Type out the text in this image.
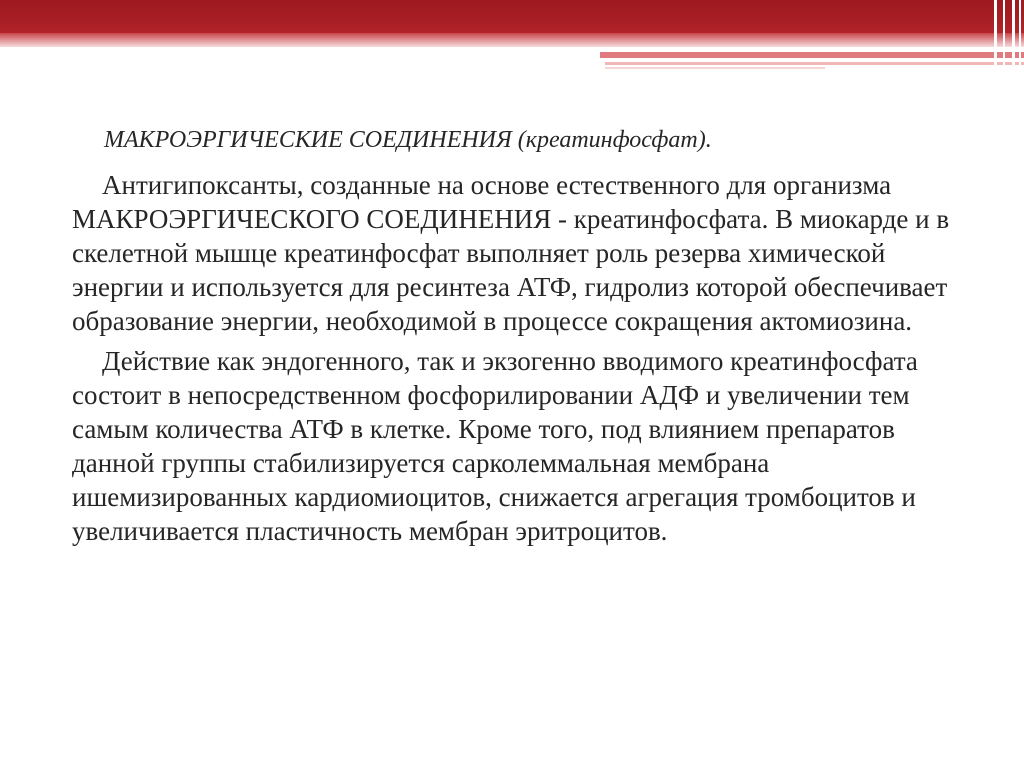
МАКРОЭРГИЧЕСКИЕ СОЕДИНЕНИЯ (креатинфосфат).

Антигипоксанты, созданные на основе естественного для организма МАКРОЭРГИЧЕСКОГО СОЕДИНЕНИЯ - креатинфосфата. В миокарде и в скелетной мышце креатинфосфат выполняет роль резерва химической энергии и используется для ресинтеза АТФ, гидролиз которой обеспечивает образование энергии, необходимой в процессе сокращения актомиозина.

Действие как эндогенного, так и экзогенно вводимого креатинфосфата состоит в непосредственном фосфорилировании АДФ и увеличении тем самым количества АТФ в клетке. Кроме того, под влиянием препаратов данной группы стабилизируется сарколеммальная мембрана ишемизированных кардиомиоцитов, снижается агрегация тромбоцитов и увеличивается пластичность мембран эритроцитов.
